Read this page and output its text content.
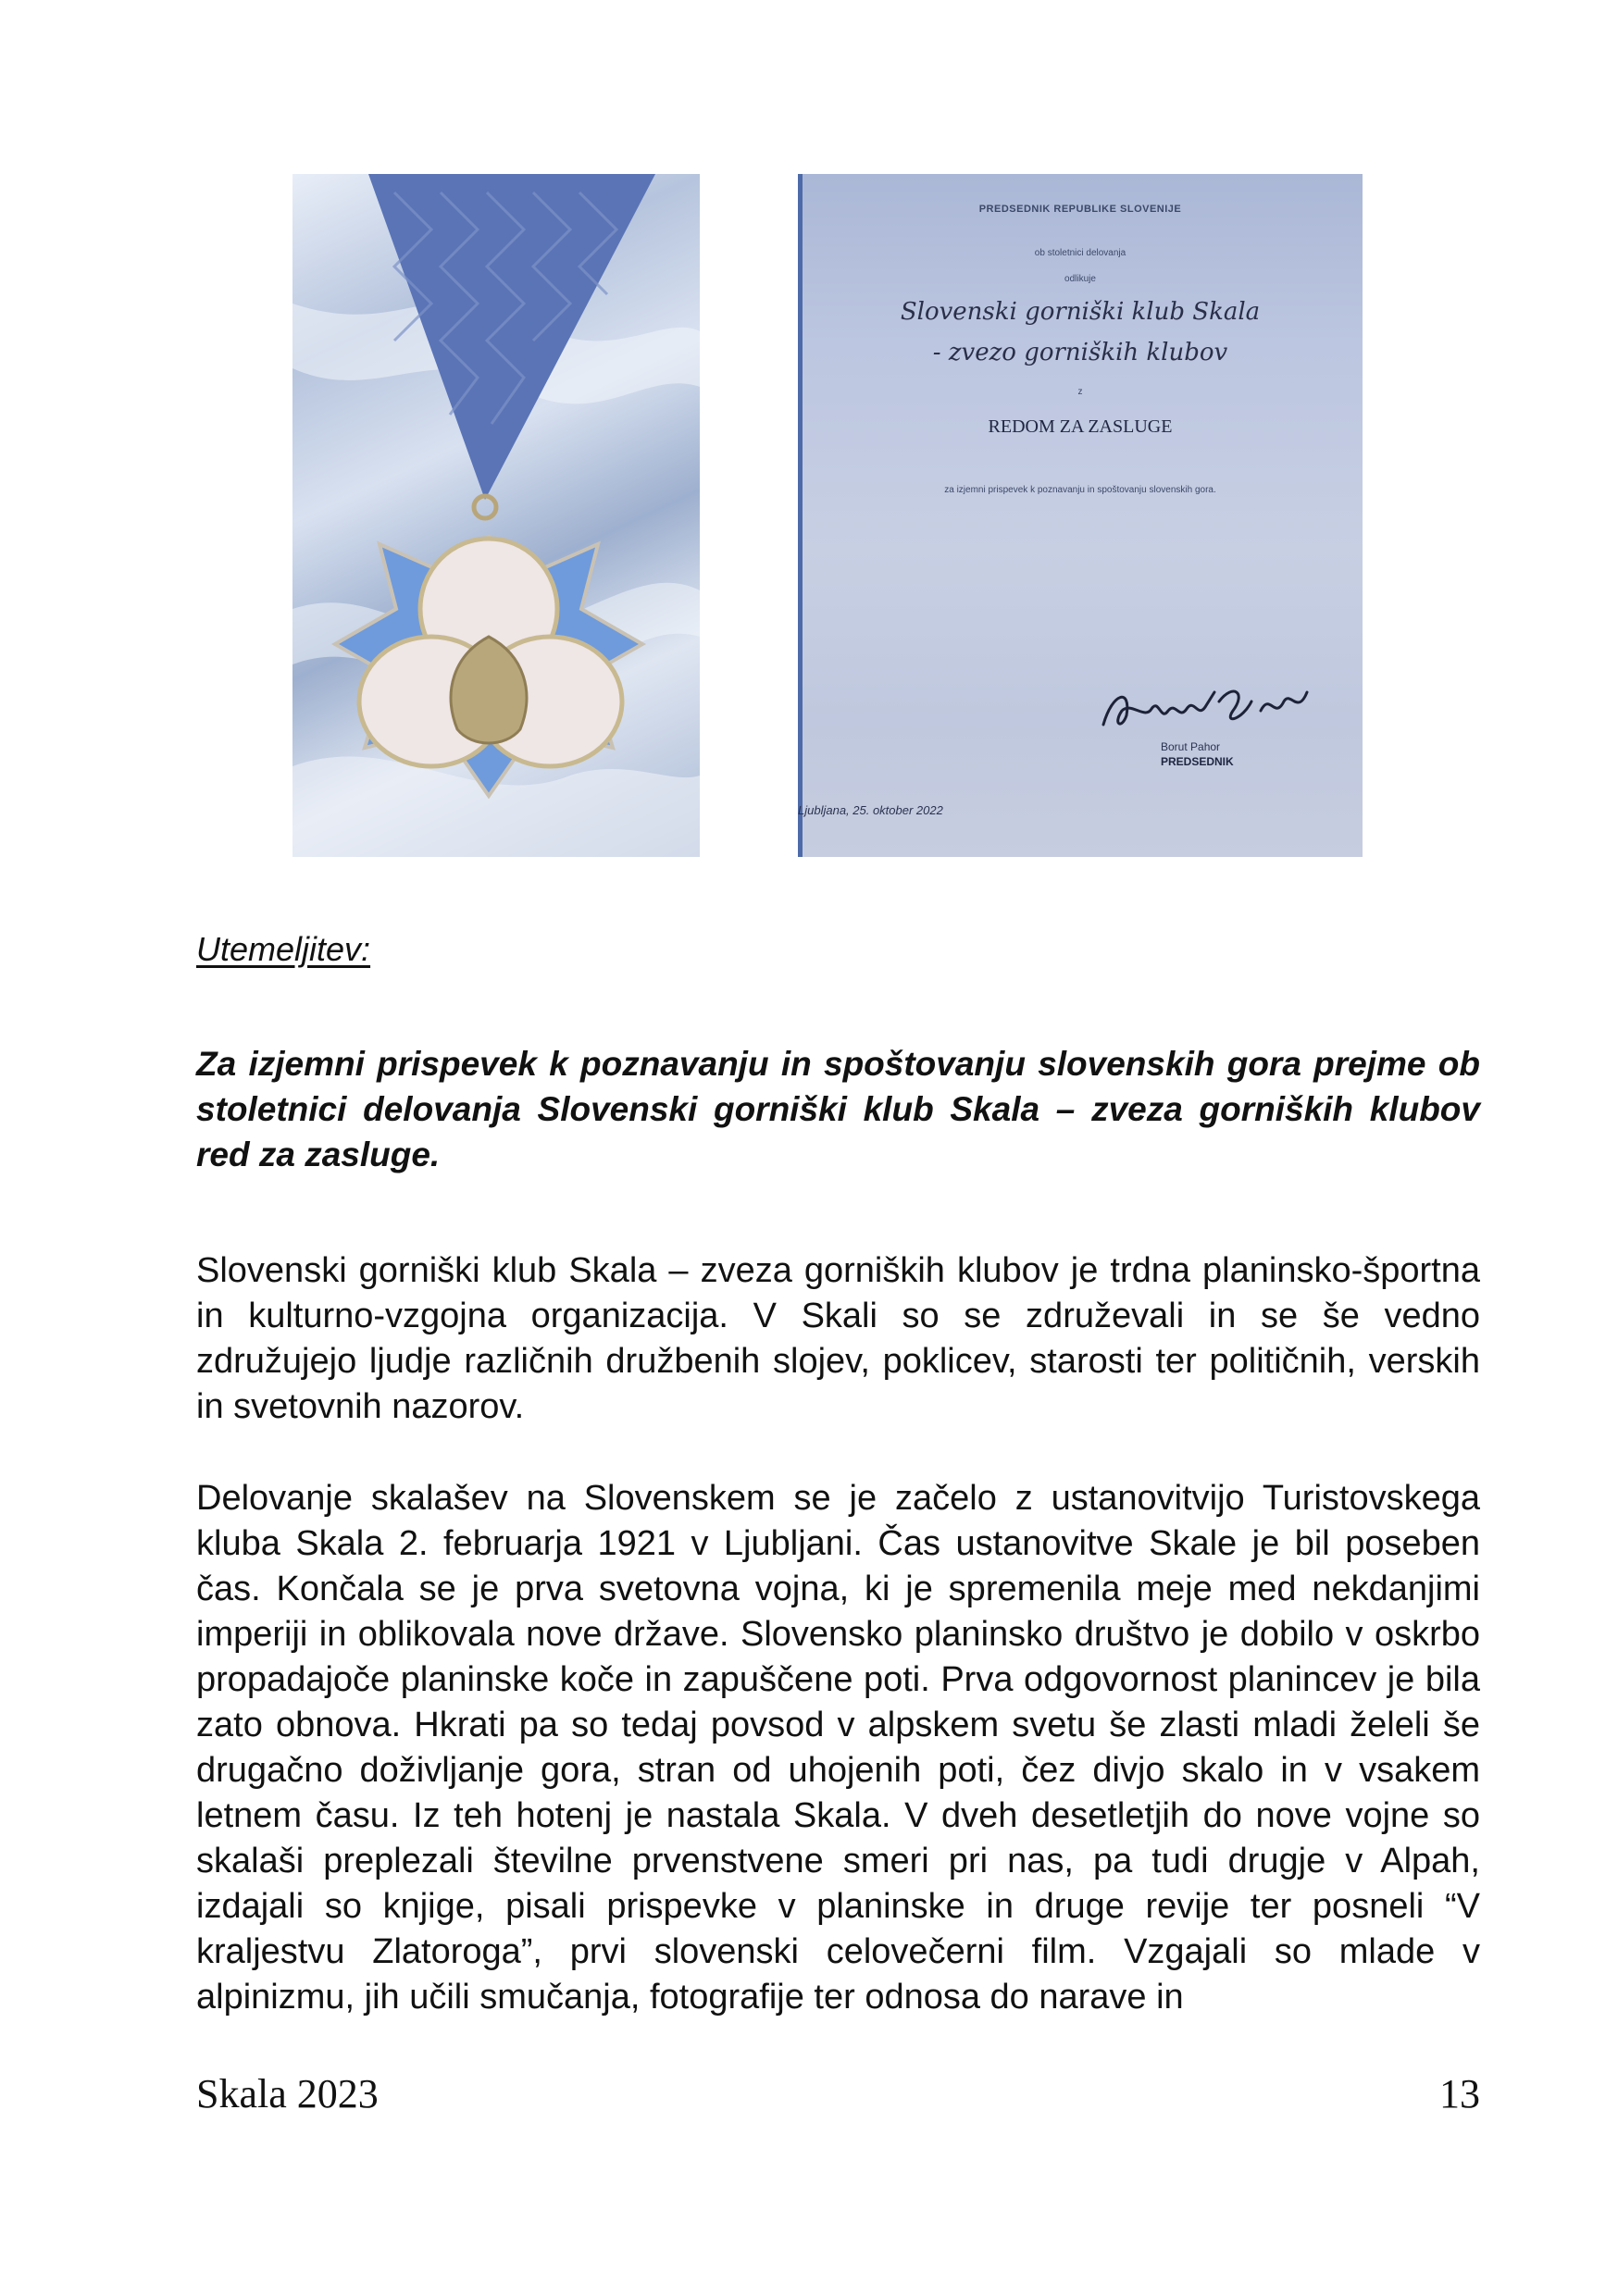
PREDSEDNIK REPUBLIKE SLOVENIJE
ob stoletnici delovanja
odlikuje
Slovenski gorniški klub Skala
- zvezo gorniških klubov
z
REDOM ZA ZASLUGE
za izjemni prispevek k poznavanju in spoštovanju slovenskih gora.
Borut Pahor
PREDSEDNIK
Ljubljana, 25. oktober 2022
Utemeljitev:
Za izjemni prispevek k poznavanju in spoštovanju slovenskih gora prejme ob stoletnici delovanja Slovenski gorniški klub Skala – zveza gorniških klubov red za zasluge.
Slovenski gorniški klub Skala – zveza gorniških klubov je trdna planinsko-športna in kulturno-vzgojna organizacija. V Skali so se združevali in se še vedno združujejo ljudje različnih družbenih slojev, poklicev, starosti ter političnih, verskih in svetovnih nazorov.
Delovanje skalašev na Slovenskem se je začelo z ustanovitvijo Turistovskega kluba Skala 2. februarja 1921 v Ljubljani. Čas ustanovitve Skale je bil poseben čas. Končala se je prva svetovna vojna, ki je spremenila meje med nekdanjimi imperiji in oblikovala nove države. Slovensko planinsko društvo je dobilo v oskrbo propadajoče planinske koče in zapuščene poti. Prva odgovornost planincev je bila zato obnova. Hkrati pa so tedaj povsod v alpskem svetu še zlasti mladi želeli še drugačno doživljanje gora, stran od uhojenih poti, čez divjo skalo in v vsakem letnem času. Iz teh hotenj je nastala Skala. V dveh desetletjih do nove vojne so skalaši preplezali številne prvenstvene smeri pri nas, pa tudi drugje v Alpah, izdajali so knjige, pisali prispevke v planinske in druge revije ter posneli “V kraljestvu Zlatoroga”, prvi slovenski celovečerni film. Vzgajali so mlade v alpinizmu, jih učili smučanja, fotografije ter odnosa do narave in
Skala 2023	13
